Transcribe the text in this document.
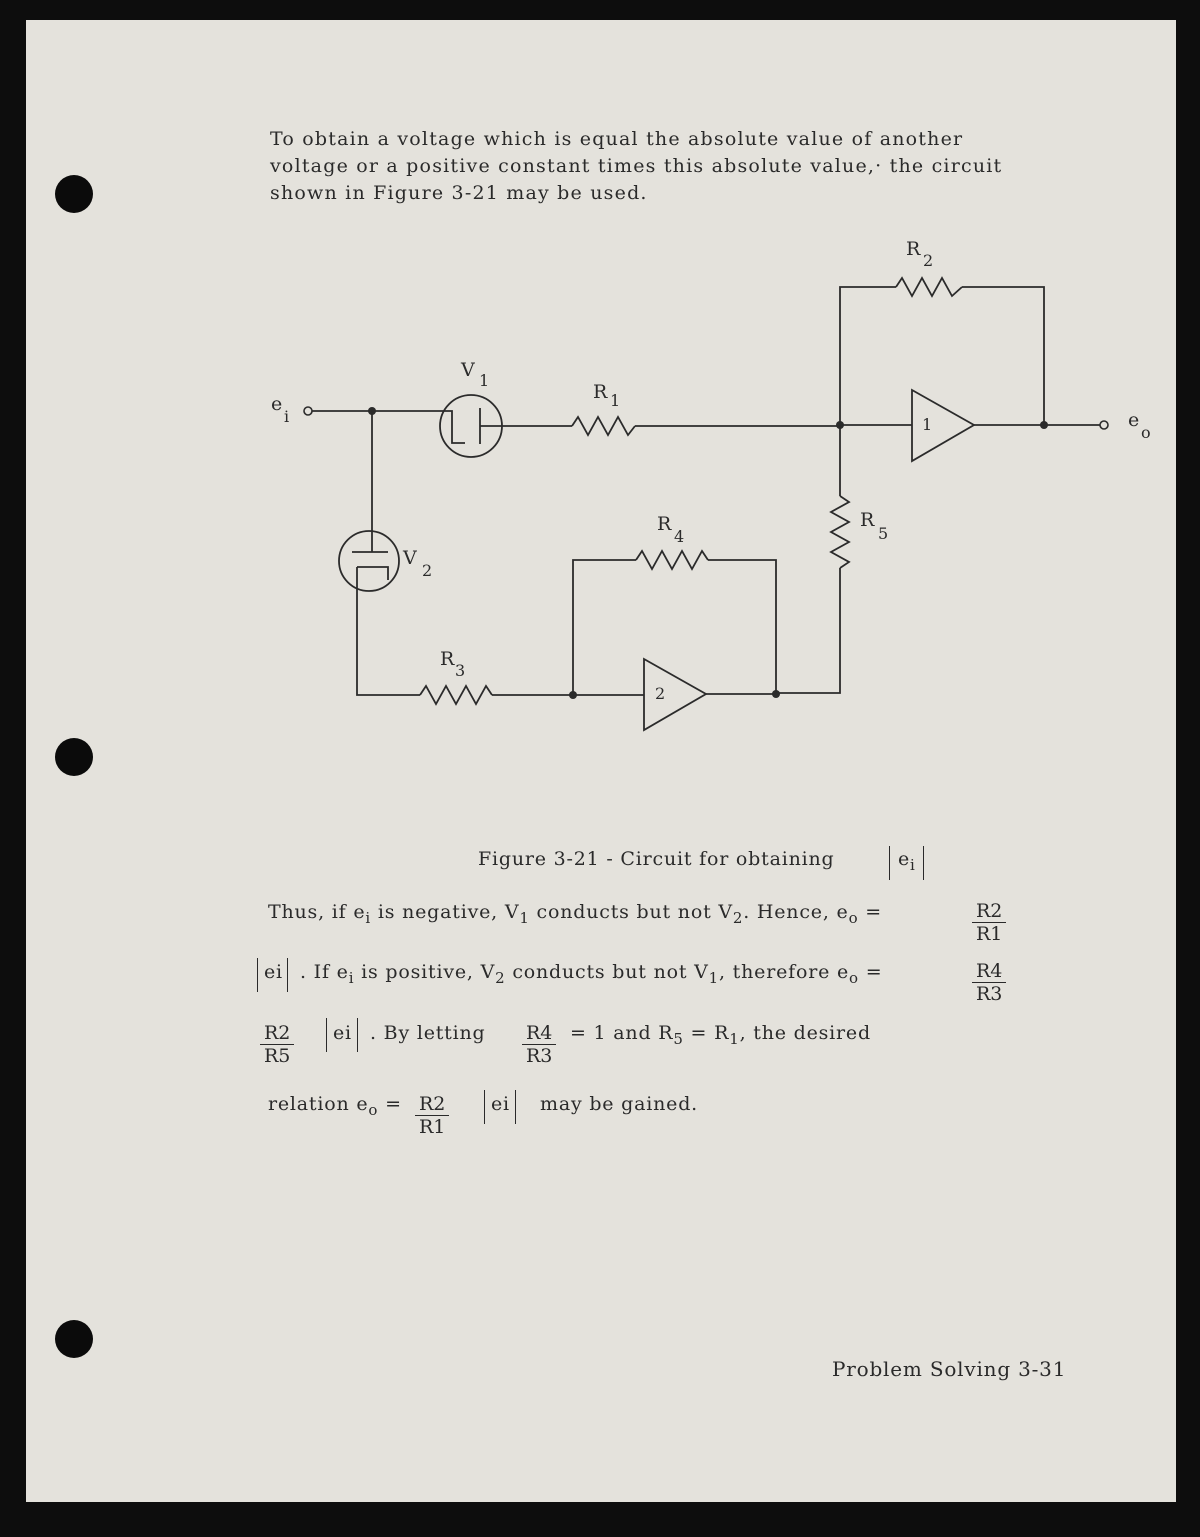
To obtain a voltage which is equal the absolute value of another
voltage or a positive constant times this absolute value,· the circuit
shown in Figure 3-21 may be used.
e
i	e
o
V 1
V
2
R 1
R
2
R
3
R
4
R
5
1
2
Figure 3-21 - Circuit for obtaining	$e_i$
Thus, if $e_i$ is negative, $V_1$ conducts but not $V_2$. Hence, $e_o$ =	$\frac{R2}{R1}$
ei . If $e_i$ is positive, $V_2$ conducts but not $V_1$, therefore $e_o$ =	$\frac{R4}{R3}$
$\frac{R2}{R5}$ ei . By letting $\frac{R4}{R3} = 1$ and $R_5 = R_1$, the desired
relation $e_o = \frac{R2}{R1}$ ei may be gained.
Problem Solving 3-31
